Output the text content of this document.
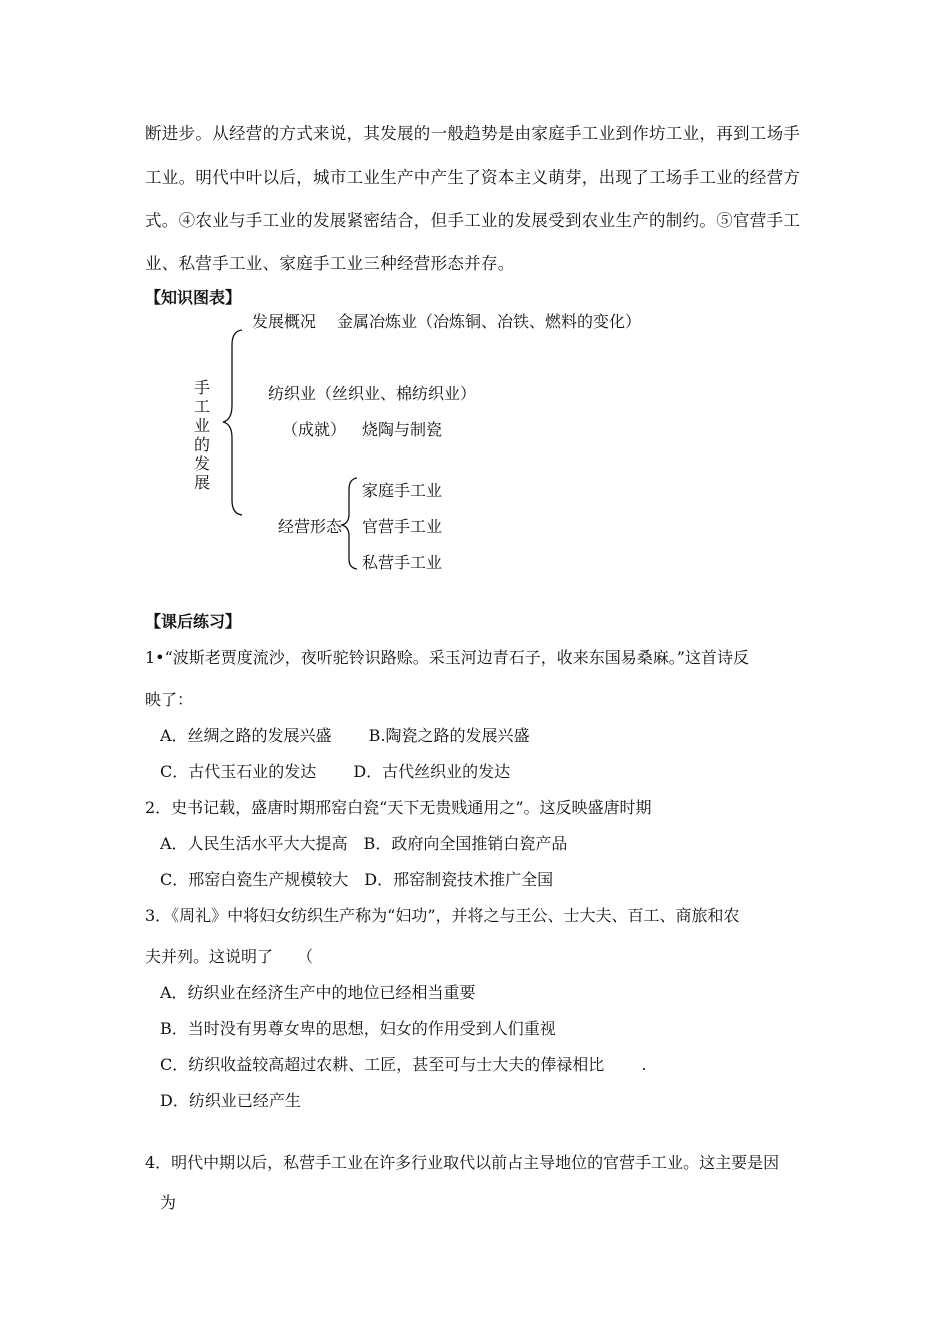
断进步。从经营的方式来说，其发展的一般趋势是由家庭手工业到作坊工业，再到工场手
工业。明代中叶以后，城市工业生产中产生了资本主义萌芽，出现了工场手工业的经营方
式。④农业与手工业的发展紧密结合，但手工业的发展受到农业生产的制约。⑤官营手工
业、私营手工业、家庭手工业三种经营形态并存。
【知识图表】
手
工
业
的
发
展
发展概况 金属冶炼业（冶炼铜、冶铁、燃料的变化）
纺织业（丝织业、棉纺织业）
（成就） 烧陶与制瓷
经营形态
家庭手工业
官营手工业
私营手工业
【课后练习】
1•“波斯老贾度流沙，夜听驼铃识路赊。采玉河边青石子，收来东国易桑麻。”这首诗反
映了：
A．丝绸之路的发展兴盛　　 B.陶瓷之路的发展兴盛
C．古代玉石业的发达　　 D．古代丝织业的发达
2．史书记载，盛唐时期邢窑白瓷“天下无贵贱通用之”。这反映盛唐时期
A．人民生活水平大大提高　B．政府向全国推销白瓷产品
C．邢窑白瓷生产规模较大　D．邢窑制瓷技术推广全国
3．《周礼》中将妇女纺织生产称为“妇功”，并将之与王公、士大夫、百工、商旅和农
夫并列。这说明了　　（
A．纺织业在经济生产中的地位已经相当重要
B．当时没有男尊女卑的思想，妇女的作用受到人们重视
C．纺织收益较高超过农耕、工匠，甚至可与士大夫的俸禄相比　　 .
D．纺织业已经产生
4．明代中期以后，私营手工业在许多行业取代以前占主导地位的官营手工业。这主要是因
为
